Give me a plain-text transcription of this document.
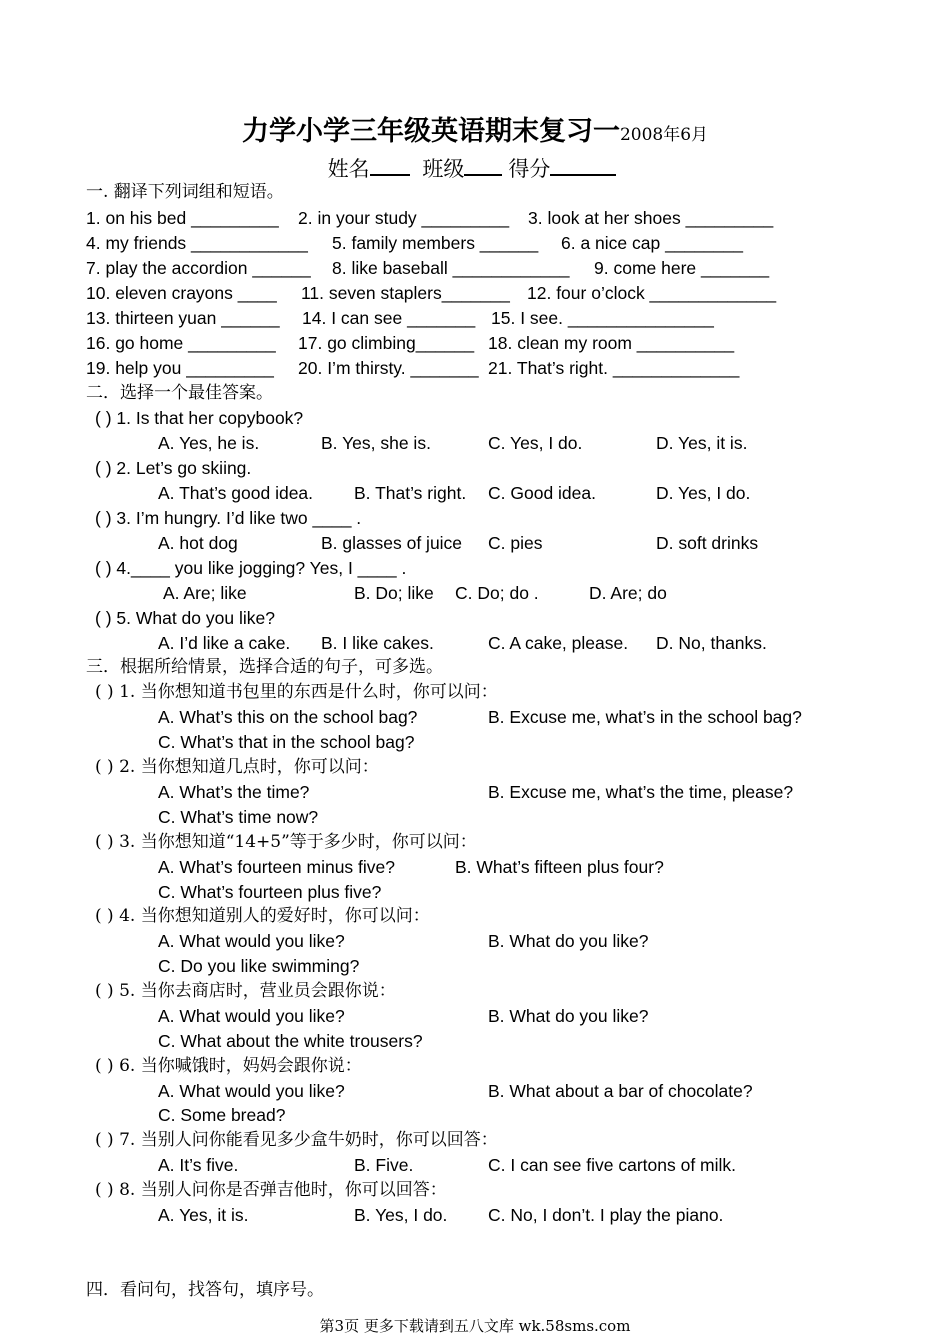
力学小学三年级英语期末复习一2008年6月
姓名	班级 得分
一. 翻译下列词组和短语。
1. on his bed _________ 2. in your study _________ 3. look at her shoes _________
4. my friends ____________ 5. family members ______ 6. a nice cap ________
7. play the accordion ______ 8. like baseball ____________ 9. come here _______
10. eleven crayons ____ 11. seven staplers_______ 12. four o’clock _____________
13. thirteen yuan ______ 14. I can see _______ 15. I see. _______________
16. go home _________ 17. go climbing______ 18. clean my room __________
19. help you _________ 20. I’m thirsty. _______ 21. That’s right. _____________
二．选择一个最佳答案。
( ) 1. Is that her copybook?
A. Yes, he is.	B. Yes, she is.	C. Yes, I do.	D. Yes, it is.
( ) 2. Let’s go skiing.
A. That’s good idea. B. That’s right. C. Good idea.	D. Yes, I do.
( ) 3. I’m hungry. I’d like two ____ .
A. hot dog	B. glasses of juice C. pies	D. soft drinks
( ) 4.____ you like jogging? Yes, I ____ .
A. Are; like	B. Do; like C. Do; do .	D. Are; do
( ) 5. What do you like?
A. I’d like a cake. B. I like cakes.	C. A cake, please. D. No, thanks.
三．根据所给情景，选择合适的句子，可多选。
( ) 1. 当你想知道书包里的东西是什么时，你可以问：
A. What’s this on the school bag?	B. Excuse me, what’s in the school bag?
C. What’s that in the school bag?
( ) 2. 当你想知道几点时，你可以问：
A. What’s the time?	B. Excuse me, what’s the time, please?
C. What’s time now?
( ) 3. 当你想知道“14+5”等于多少时，你可以问：
A. What’s fourteen minus five?	B. What’s fifteen plus four?
C. What’s fourteen plus five?
( ) 4. 当你想知道别人的爱好时，你可以问：
A. What would you like?	B. What do you like?
C. Do you like swimming?
( ) 5. 当你去商店时，营业员会跟你说：
A. What would you like?	B. What do you like?
C. What about the white trousers?
( ) 6. 当你喊饿时，妈妈会跟你说：
A. What would you like?	B. What about a bar of chocolate?
C. Some bread?
( ) 7. 当别人问你能看见多少盒牛奶时，你可以回答：
A. It’s five.	B. Five.	C. I can see five cartons of milk.
( ) 8. 当别人问你是否弹吉他时，你可以回答：
A. Yes, it is.	B. Yes, I do. C. No, I don’t. I play the piano.
四．看问句，找答句，填序号。
第3页 更多下载请到五八文库 wk.58sms.com
